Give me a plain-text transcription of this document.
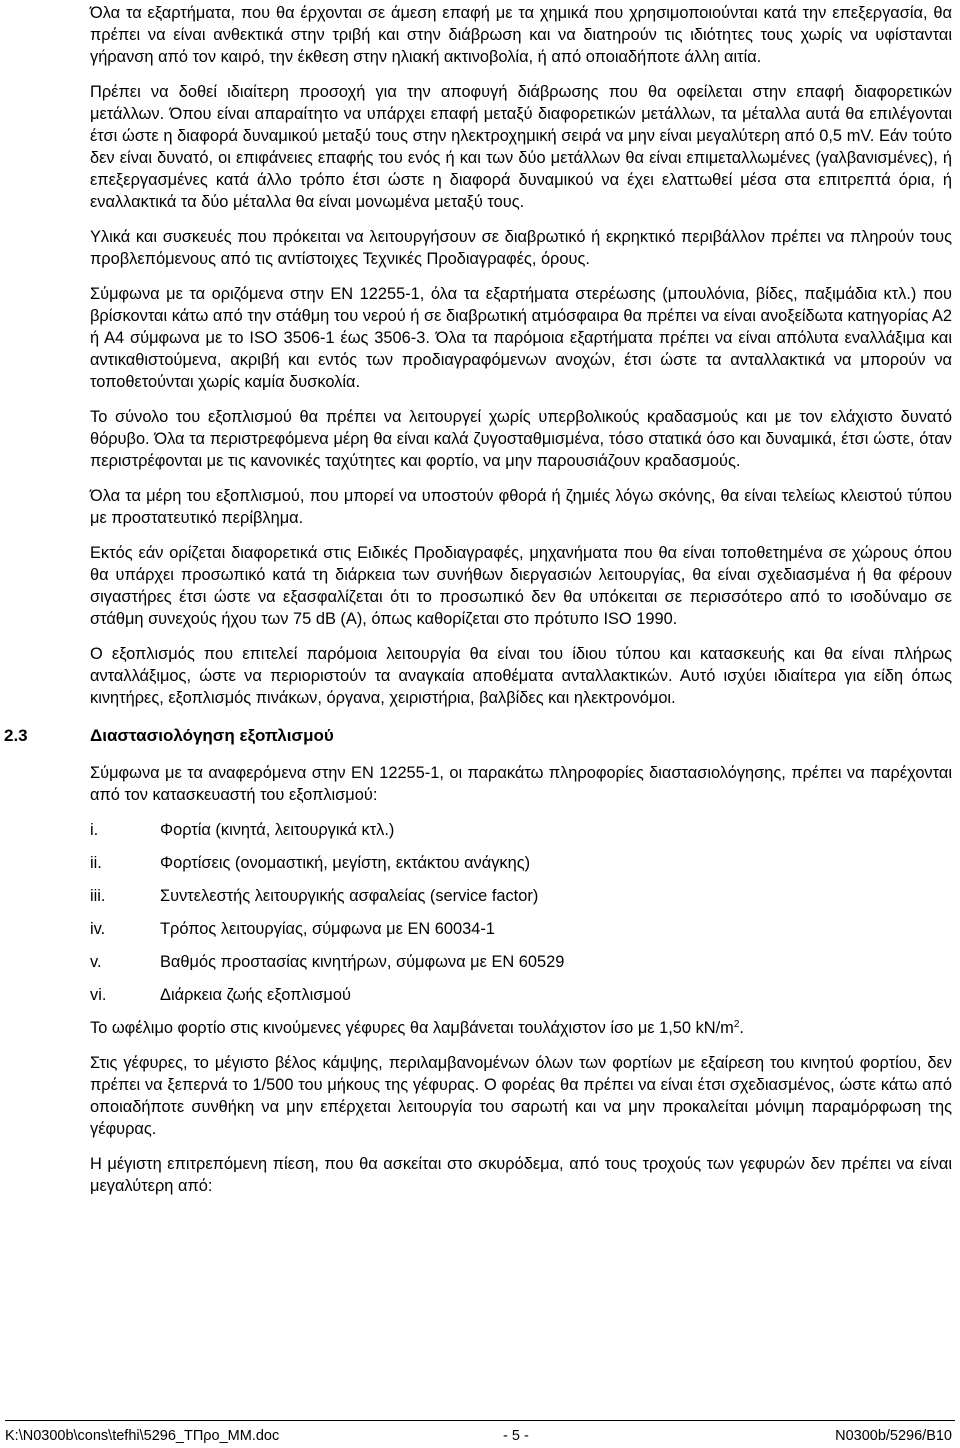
Όλα τα εξαρτήματα, που θα έρχονται σε άμεση επαφή με τα χημικά που χρησιμοποιούνται κατά την επεξεργασία, θα πρέπει να είναι ανθεκτικά στην τριβή και στην διάβρωση και να διατηρούν τις ιδιότητες τους χωρίς να υφίστανται γήρανση από τον καιρό, την έκθεση στην ηλιακή ακτινοβολία, ή από οποιαδήποτε άλλη αιτία.

Πρέπει να δοθεί ιδιαίτερη προσοχή για την αποφυγή διάβρωσης που θα οφείλεται στην επαφή διαφορετικών μετάλλων. Όπου είναι απαραίτητο να υπάρχει επαφή μεταξύ διαφορετικών μετάλλων, τα μέταλλα αυτά θα επιλέγονται έτσι ώστε η διαφορά δυναμικού μεταξύ τους στην ηλεκτροχημική σειρά να μην είναι μεγαλύτερη από 0,5 mV. Εάν τούτο δεν είναι δυνατό, οι επιφάνειες επαφής του ενός ή και των δύο μετάλλων θα είναι επιμεταλλωμένες (γαλβανισμένες), ή επεξεργασμένες κατά άλλο τρόπο έτσι ώστε η διαφορά δυναμικού να έχει ελαττωθεί μέσα στα επιτρεπτά όρια, ή εναλλακτικά τα δύο μέταλλα θα είναι μονωμένα μεταξύ τους.

Υλικά και συσκευές που πρόκειται να λειτουργήσουν σε διαβρωτικό ή εκρηκτικό περιβάλλον πρέπει να πληρούν τους προβλεπόμενους από τις αντίστοιχες Τεχνικές Προδιαγραφές, όρους.

Σύμφωνα με τα οριζόμενα στην ΕΝ 12255-1, όλα τα εξαρτήματα στερέωσης (μπουλόνια, βίδες, παξιμάδια κτλ.) που βρίσκονται κάτω από την στάθμη του νερού ή σε διαβρωτική ατμόσφαιρα θα πρέπει να είναι ανοξείδωτα κατηγορίας Α2 ή Α4 σύμφωνα με το ISO 3506-1 έως 3506-3. Όλα τα παρόμοια εξαρτήματα πρέπει να είναι απόλυτα εναλλάξιμα και αντικαθιστούμενα, ακριβή και εντός των προδιαγραφόμενων ανοχών, έτσι ώστε τα ανταλλακτικά να μπορούν να τοποθετούνται χωρίς καμία δυσκολία.

Το σύνολο του εξοπλισμού θα πρέπει να λειτουργεί χωρίς υπερβολικούς κραδασμούς και με τον ελάχιστο δυνατό θόρυβο. Όλα τα περιστρεφόμενα μέρη θα είναι καλά ζυγοσταθμισμένα, τόσο στατικά όσο και δυναμικά, έτσι ώστε, όταν περιστρέφονται με τις κανονικές ταχύτητες και φορτίο, να μην παρουσιάζουν κραδασμούς.

Όλα τα μέρη του εξοπλισμού, που μπορεί να υποστούν φθορά ή ζημιές λόγω σκόνης, θα είναι τελείως κλειστού τύπου με προστατευτικό περίβλημα.

Εκτός εάν ορίζεται διαφορετικά στις Ειδικές Προδιαγραφές, μηχανήματα που θα είναι τοποθετημένα σε χώρους όπου θα υπάρχει προσωπικό κατά τη διάρκεια των συνήθων διεργασιών λειτουργίας, θα είναι σχεδιασμένα ή θα φέρουν σιγαστήρες έτσι ώστε να εξασφαλίζεται ότι το προσωπικό δεν θα υπόκειται σε περισσότερο από το ισοδύναμο σε στάθμη συνεχούς ήχου των 75 dB (A), όπως καθορίζεται στο πρότυπο ISO 1990.

Ο εξοπλισμός που επιτελεί παρόμοια λειτουργία θα είναι του ίδιου τύπου και κατασκευής και θα είναι πλήρως ανταλλάξιμος, ώστε να περιοριστούν τα αναγκαία αποθέματα ανταλλακτικών. Αυτό ισχύει ιδιαίτερα για είδη όπως κινητήρες, εξοπλισμός πινάκων, όργανα, χειριστήρια, βαλβίδες και ηλεκτρονόμοι.

2.3	Διαστασιολόγηση εξοπλισμού

Σύμφωνα με τα αναφερόμενα στην ΕΝ 12255-1, οι παρακάτω πληροφορίες διαστασιολόγησης, πρέπει να παρέχονται από τον κατασκευαστή του εξοπλισμού:

i.	Φορτία (κινητά, λειτουργικά κτλ.)
ii.	Φορτίσεις (ονομαστική, μεγίστη, εκτάκτου ανάγκης)
iii.	Συντελεστής λειτουργικής ασφαλείας (service factor)
iv.	Τρόπος λειτουργίας, σύμφωνα με ΕΝ 60034-1
v.	Βαθμός προστασίας κινητήρων, σύμφωνα με ΕΝ 60529
vi.	Διάρκεια ζωής εξοπλισμού

Το ωφέλιμο φορτίο στις κινούμενες γέφυρες θα λαμβάνεται τουλάχιστον ίσο με 1,50 $kN/m^2$.

Στις γέφυρες, το μέγιστο βέλος κάμψης, περιλαμβανομένων όλων των φορτίων με εξαίρεση του κινητού φορτίου, δεν πρέπει να ξεπερνά το 1/500 του μήκους της γέφυρας. Ο φορέας θα πρέπει να είναι έτσι σχεδιασμένος, ώστε κάτω από οποιαδήποτε συνθήκη να μην επέρχεται λειτουργία του σαρωτή και να μην προκαλείται μόνιμη παραμόρφωση της γέφυρας.

Η μέγιστη επιτρεπόμενη πίεση, που θα ασκείται στο σκυρόδεμα, από τους τροχούς των γεφυρών δεν πρέπει να είναι μεγαλύτερη από:

K:\N0300b\cons\tefhi\5296_ΤΠρο_ΜΜ.doc	- 5 -	N0300b/5296/B10
